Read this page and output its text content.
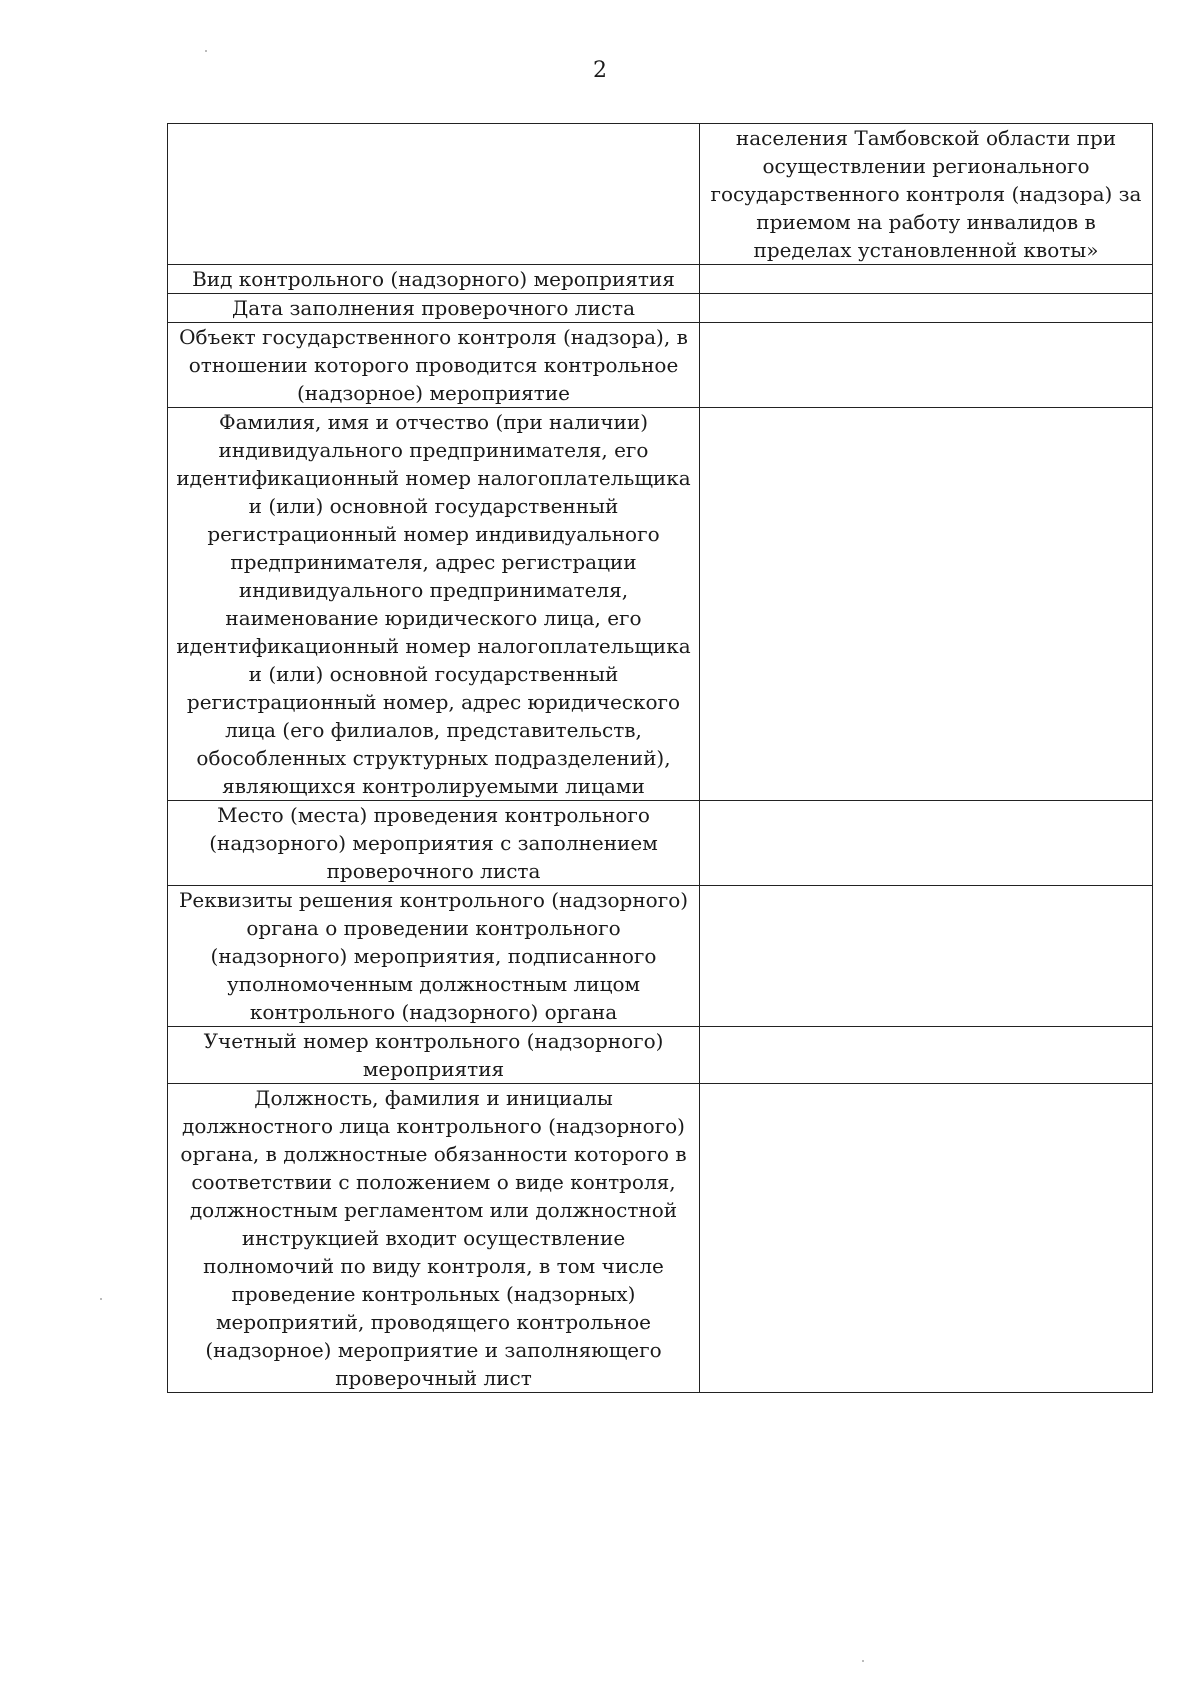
2
	населения Тамбовской области при осуществлении регионального государственного контроля (надзора) за приемом на работу инвалидов в пределах установленной квоты»
Вид контрольного (надзорного) мероприятия	
Дата заполнения проверочного листа	
Объект государственного контроля (надзора), в отношении которого проводится контрольное (надзорное) мероприятие	
Фамилия, имя и отчество (при наличии) индивидуального предпринимателя, его идентификационный номер налогоплательщика и (или) основной государственный регистрационный номер индивидуального предпринимателя, адрес регистрации индивидуального предпринимателя, наименование юридического лица, его идентификационный номер налогоплательщика и (или) основной государственный регистрационный номер, адрес юридического лица (его филиалов, представительств, обособленных структурных подразделений), являющихся контролируемыми лицами	
Место (места) проведения контрольного (надзорного) мероприятия с заполнением проверочного листа	
Реквизиты решения контрольного (надзорного) органа о проведении контрольного (надзорного) мероприятия, подписанного уполномоченным должностным лицом контрольного (надзорного) органа	
Учетный номер контрольного (надзорного) мероприятия	
Должность, фамилия и инициалы должностного лица контрольного (надзорного) органа, в должностные обязанности которого в соответствии с положением о виде контроля, должностным регламентом или должностной инструкцией входит осуществление полномочий по виду контроля, в том числе проведение контрольных (надзорных) мероприятий, проводящего контрольное (надзорное) мероприятие и заполняющего проверочный лист	
